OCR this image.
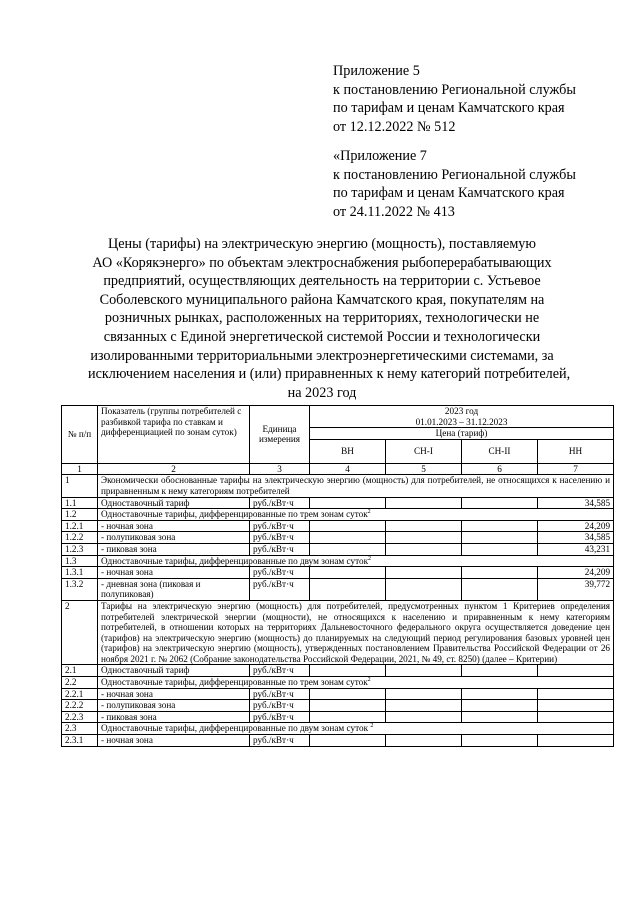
Приложение 5
к постановлению Региональной службы
по тарифам и ценам Камчатского края
от 12.12.2022 № 512
«Приложение 7
к постановлению Региональной службы
по тарифам и ценам Камчатского края
от 24.11.2022 № 413
Цены (тарифы) на электрическую энергию (мощность), поставляемую
АО «Корякэнерго» по объектам электроснабжения рыбоперерабатывающих
предприятий, осуществляющих деятельность на территории с. Устьевое
Соболевского муниципального района Камчатского края, покупателям на
розничных рынках, расположенных на территориях, технологически не
связанных с Единой энергетической системой России и технологически
изолированными территориальными электроэнергетическими системами, за
исключением населения и (или) приравненных к нему категорий потребителей,
на 2023 год
№ п/п	Показатель (группы потребителей с разбивкой тарифа по ставкам и дифференциацией по зонам суток)	Единица измерения	2023 год			
			01.01.2023 – 31.12.2023			
			Цена (тариф)			
			ВН	СН-I	СН-II	НН
1	2	3	4	5	6	7
1	Экономически обоснованные тарифы на электрическую энергию (мощность) для потребителей, не относящихся к населению и приравненным к нему категориям потребителей					
1.1	Одноставочный тариф	руб./кВт·ч				34,585
1.2	Одноставочные тарифы, дифференцированные по трем зонам суток$^2$
1.2.1	- ночная зона	руб./кВт·ч				24,209
1.2.2	- полупиковая зона	руб./кВт·ч				34,585
1.2.3	- пиковая зона	руб./кВт·ч				43,231
1.3	Одноставочные тарифы, дифференцированные по двум зонам суток$^2$
1.3.1	- ночная зона	руб./кВт·ч				24,209
1.3.2	- дневная зона (пиковая и полупиковая)	руб./кВт·ч				39,772
2	Тарифы на электрическую энергию (мощность) для потребителей, предусмотренных пунктом 1 Критериев определения потребителей электрической энергии (мощности), не относящихся к населению и приравненным к нему категориям потребителей, в отношении которых на территориях Дальневосточного федерального округа осуществляется доведение цен (тарифов) на электрическую энергию (мощность) до планируемых на следующий период регулирования базовых уровней цен (тарифов) на электрическую энергию (мощность), утвержденных постановлением Правительства Российской Федерации от 26 ноября 2021 г. № 2062 (Собрание законодательства Российской Федерации, 2021, № 49, ст. 8250) (далее – Критерии)					
2.1	Одноставочный тариф	руб./кВт·ч				
2.2	Одноставочные тарифы, дифференцированные по трем зонам суток$^2$
2.2.1	- ночная зона	руб./кВт·ч				
2.2.2	- полупиковая зона	руб./кВт·ч				
2.2.3	- пиковая зона	руб./кВт·ч				
2.3	Одноставочные тарифы, дифференцированные по двум зонам суток $^2$
2.3.1	- ночная зона	руб./кВт·ч				
